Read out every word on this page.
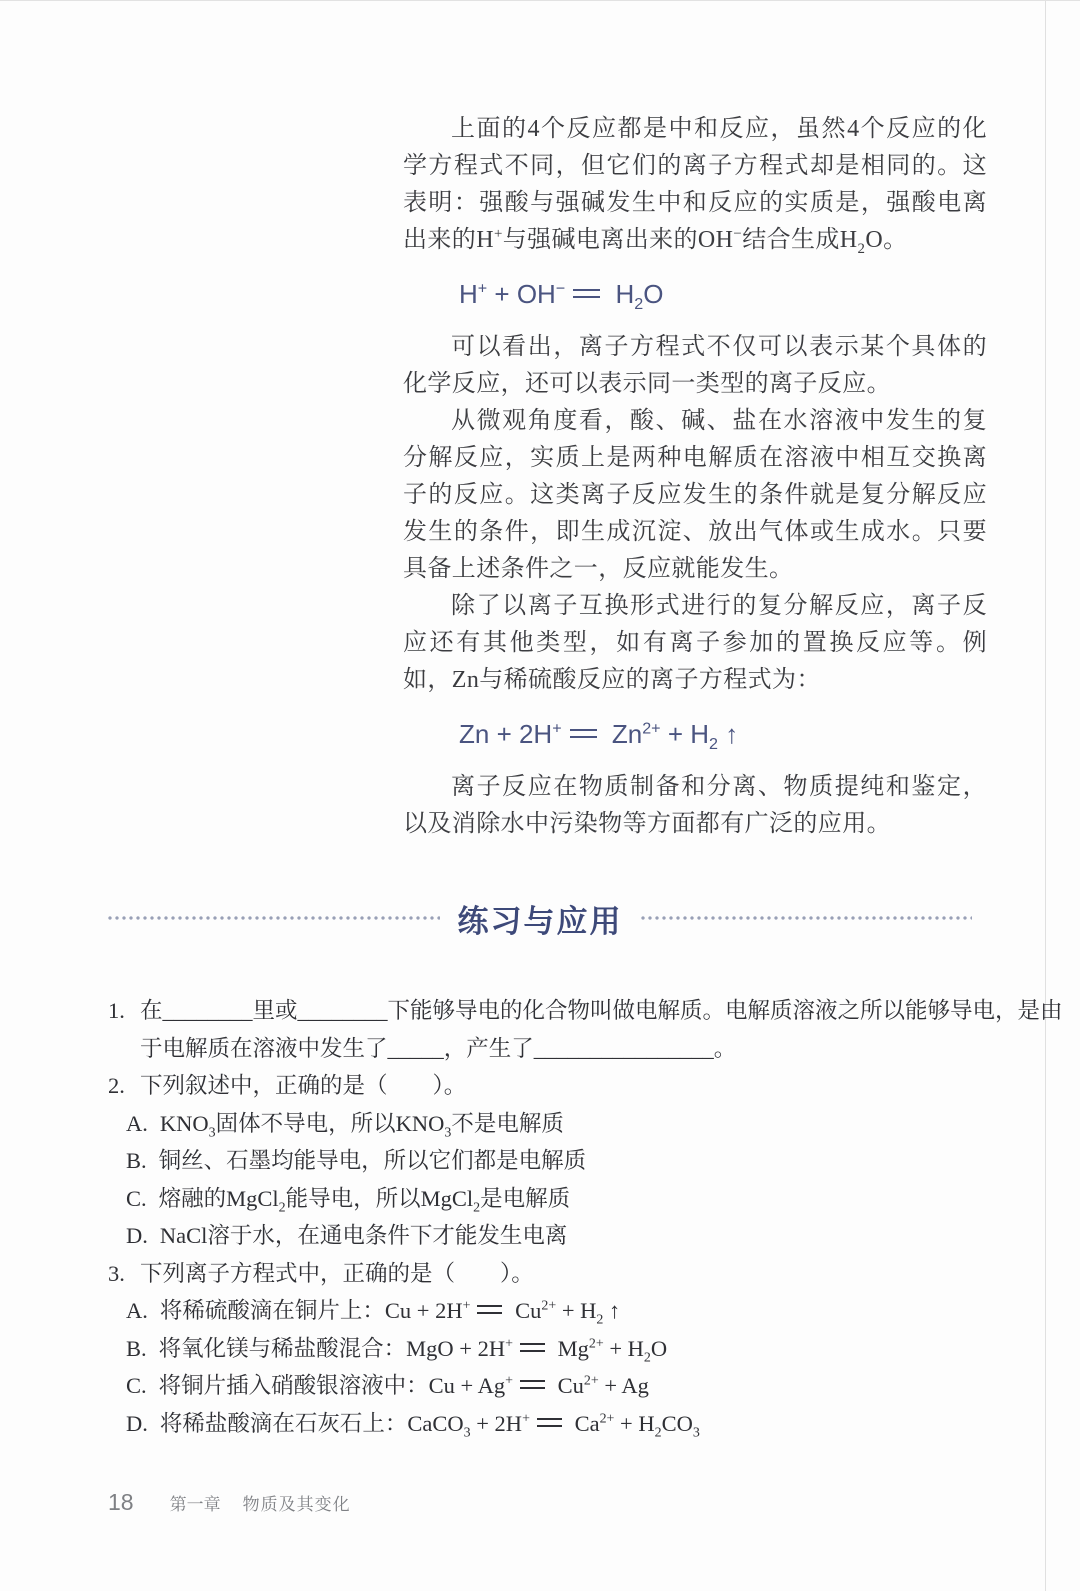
上面的4个反应都是中和反应，虽然4个反应的化学方程式不同，但它们的离子方程式却是相同的。这表明：强酸与强碱发生中和反应的实质是，强酸电离出来的H+与强碱电离出来的OH−结合生成$H_2O$。

H+ + OH− $H_2O$

可以看出，离子方程式不仅可以表示某个具体的化学反应，还可以表示同一类型的离子反应。

从微观角度看，酸、碱、盐在水溶液中发生的复分解反应，实质上是两种电解质在溶液中相互交换离子的反应。这类离子反应发生的条件就是复分解反应发生的条件，即生成沉淀、放出气体或生成水。只要具备上述条件之一，反应就能发生。

除了以离子互换形式进行的复分解反应，离子反应还有其他类型，如有离子参加的置换反应等。例如，Zn与稀硫酸反应的离子方程式为：

Zn + 2H+ $Zn^{2+} + H_2$ ↑

离子反应在物质制备和分离、物质提纯和鉴定，以及消除水中污染物等方面都有广泛的应用。

练习与应用
1. 在________里或________下能够导电的化合物叫做电解质。电解质溶液之所以能够导电，是由
于电解质在溶液中发生了_____，产生了________________。
2. 下列叙述中，正确的是（　　）。
A. $KNO_3$固体不导电，所以$KNO_3$不是电解质
B. 铜丝、石墨均能导电，所以它们都是电解质
C. 熔融的MgCl$_2$能导电，所以MgCl$_2$是电解质
D. NaCl溶于水，在通电条件下才能发生电离
3. 下列离子方程式中，正确的是（　　）。
A. 将稀硫酸滴在铜片上：Cu + 2H+ $Cu^{2+} + H_2$ ↑
B. 将氧化镁与稀盐酸混合：MgO + 2H+ $Mg^{2+} + H_2O$
C. 将铜片插入硝酸银溶液中：Cu + Ag+ $Cu^{2+} + Ag$
D. 将稀盐酸滴在石灰石上：CaCO$_3$ + 2H+ $Ca^{2+} + H_2CO_3$
18 第一章 物质及其变化
